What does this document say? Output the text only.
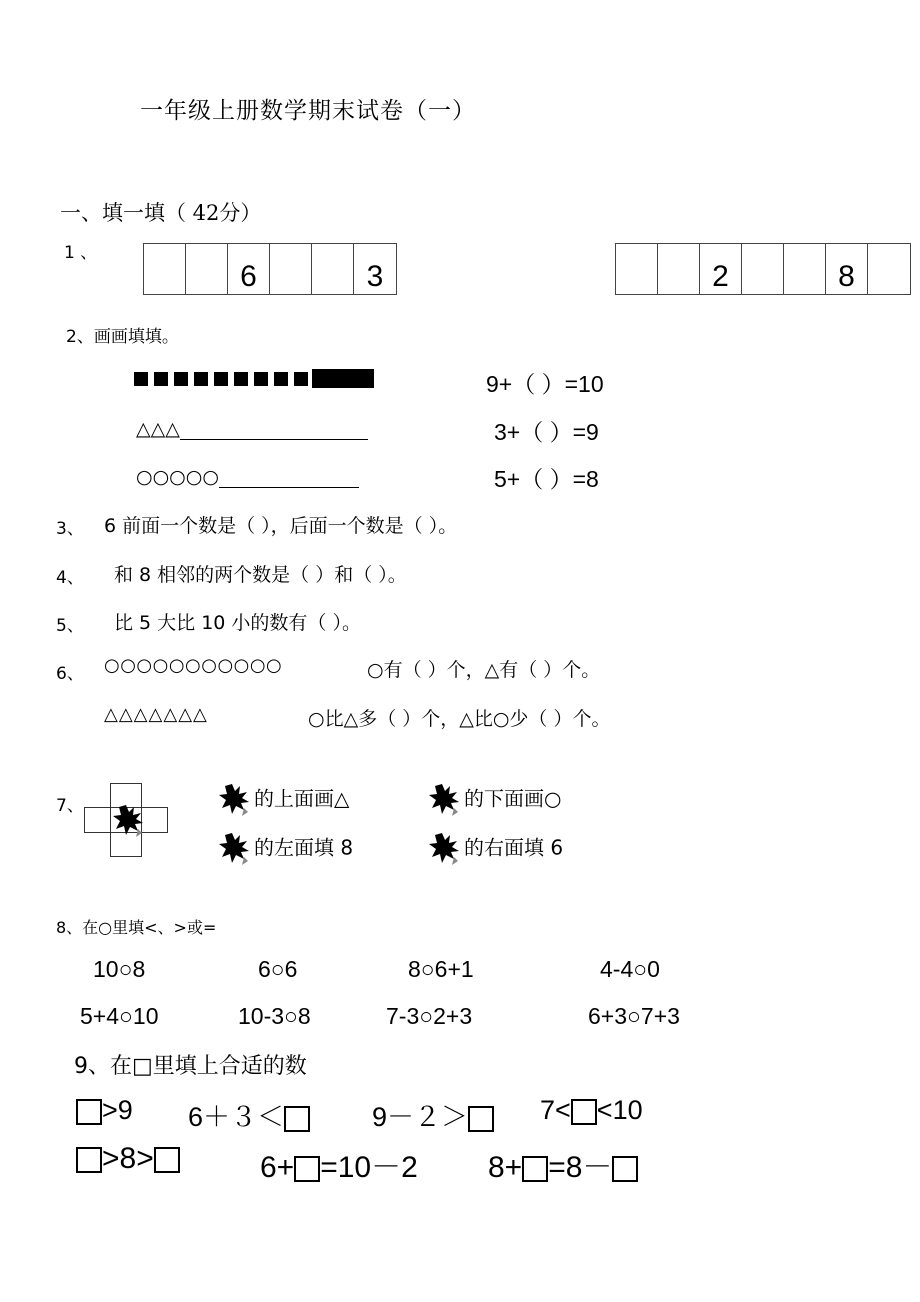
一年级上册数学期末试卷（一）
一、填一填（ 42分）
1 、
6	3	2	8
2、画画填填。
9+（ ）=10
△△△	3+（ ）=9
○○○○○	5+（ ）=8
3、 6 前面一个数是（ ），后面一个数是（ ）。
4、 和 8 相邻的两个数是（ ）和（ ）。
5、 比 5 大比 10 小的数有（ ）。
6、 ○○○○○○○○○○○	○有（ ）个，△有（ ）个。
△△△△△△△	○比△多（ ）个，△比○少（ ）个。
7、	的上面画△	的下面画○
的左面填 8	的右面填 6
8、在○里填<、>或=
10○8	6○6	8○6+1	4-4○0
5+4○10	10-3○8	7-3○2+3	6+3○7+3
9、在□里填上合适的数
>9 6＋３＜	9－２＞	7< <10
>8>	6+ =10－2 8+ =8－
